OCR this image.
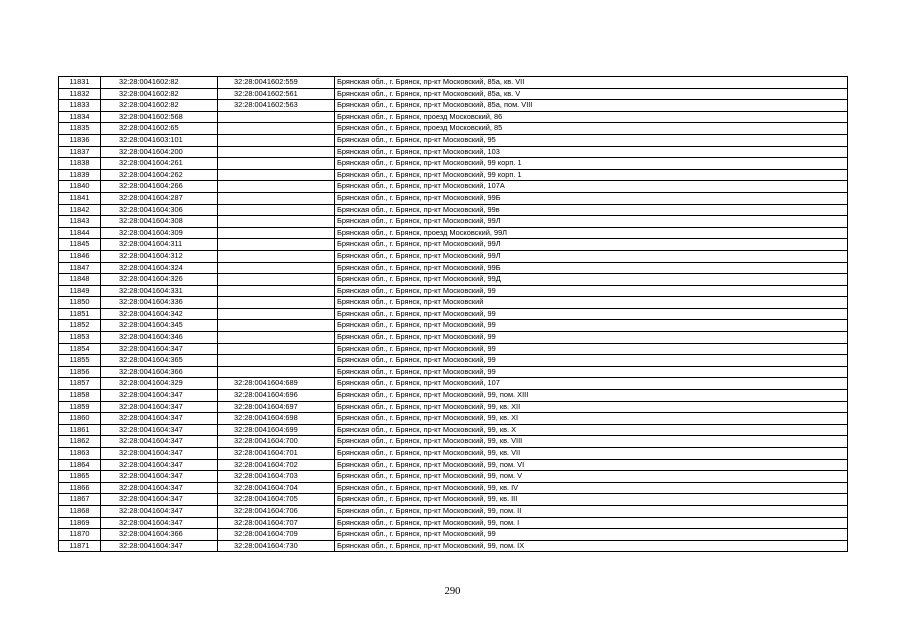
11831	32:28:0041602:82	32:28:0041602:559	Брянская обл., г. Брянск, пр-кт Московский, 85а, кв. VII
11832	32:28:0041602:82	32:28:0041602:561	Брянская обл., г. Брянск, пр-кт Московский, 85а, кв. V
11833	32:28:0041602:82	32:28:0041602:563	Брянская обл., г. Брянск, пр-кт Московский, 85а, пом. VIII
11834	32:28:0041602:568		Брянская обл., г. Брянск, проезд Московский, 86
11835	32:28:0041602:65		Брянская обл., г. Брянск, проезд Московский, 85
11836	32:28:0041603:101		Брянская обл., г. Брянск, пр-кт Московский, 95
11837	32:28:0041604:200		Брянская обл., г. Брянск, пр-кт Московский, 103
11838	32:28:0041604:261		Брянская обл., г. Брянск, пр-кт Московский, 99 корп. 1
11839	32:28:0041604:262		Брянская обл., г. Брянск, пр-кт Московский, 99 корп. 1
11840	32:28:0041604:266		Брянская обл., г. Брянск, пр-кт Московский, 107А
11841	32:28:0041604:287		Брянская обл., г. Брянск, пр-кт Московский, 99Б
11842	32:28:0041604:306		Брянская обл., г. Брянск, пр-кт Московский, 99в
11843	32:28:0041604:308		Брянская обл., г. Брянск, пр-кт Московский, 99Л
11844	32:28:0041604:309		Брянская обл., г. Брянск, проезд Московский, 99Л
11845	32:28:0041604:311		Брянская обл., г. Брянск, пр-кт Московский, 99Л
11846	32:28:0041604:312		Брянская обл., г. Брянск, пр-кт Московский, 99Л
11847	32:28:0041604:324		Брянская обл., г. Брянск, пр-кт Московский, 99Б
11848	32:28:0041604:326		Брянская обл., г. Брянск, пр-кт Московский, 99Д
11849	32:28:0041604:331		Брянская обл., г. Брянск, пр-кт Московский, 99
11850	32:28:0041604:336		Брянская обл., г. Брянск, пр-кт Московский
11851	32:28:0041604:342		Брянская обл., г. Брянск, пр-кт Московский, 99
11852	32:28:0041604:345		Брянская обл., г. Брянск, пр-кт Московский, 99
11853	32:28:0041604:346		Брянская обл., г. Брянск, пр-кт Московский, 99
11854	32:28:0041604:347		Брянская обл., г. Брянск, пр-кт Московский, 99
11855	32:28:0041604:365		Брянская обл., г. Брянск, пр-кт Московский, 99
11856	32:28:0041604:366		Брянская обл., г. Брянск, пр-кт Московский, 99
11857	32:28:0041604:329	32:28:0041604:689	Брянская обл., г. Брянск, пр-кт Московский, 107
11858	32:28:0041604:347	32:28:0041604:696	Брянская обл., г. Брянск, пр-кт Московский, 99, пом. XIII
11859	32:28:0041604:347	32:28:0041604:697	Брянская обл., г. Брянск, пр-кт Московский, 99, кв. XII
11860	32:28:0041604:347	32:28:0041604:698	Брянская обл., г. Брянск, пр-кт Московский, 99, кв. XI
11861	32:28:0041604:347	32:28:0041604:699	Брянская обл., г. Брянск, пр-кт Московский, 99, кв. X
11862	32:28:0041604:347	32:28:0041604:700	Брянская обл., г. Брянск, пр-кт Московский, 99, кв. VIII
11863	32:28:0041604:347	32:28:0041604:701	Брянская обл., г. Брянск, пр-кт Московский, 99, кв. VII
11864	32:28:0041604:347	32:28:0041604:702	Брянская обл., г. Брянск, пр-кт Московский, 99, пом. VI
11865	32:28:0041604:347	32:28:0041604:703	Брянская обл., г. Брянск, пр-кт Московский, 99, пом. V
11866	32:28:0041604:347	32:28:0041604:704	Брянская обл., г. Брянск, пр-кт Московский, 99, кв. IV
11867	32:28:0041604:347	32:28:0041604:705	Брянская обл., г. Брянск, пр-кт Московский, 99, кв. III
11868	32:28:0041604:347	32:28:0041604:706	Брянская обл., г. Брянск, пр-кт Московский, 99, пом. II
11869	32:28:0041604:347	32:28:0041604:707	Брянская обл., г. Брянск, пр-кт Московский, 99, пом. I
11870	32:28:0041604:366	32:28:0041604:709	Брянская обл., г. Брянск, пр-кт Московский, 99
11871	32:28:0041604:347	32:28:0041604:730	Брянская обл., г. Брянск, пр-кт Московский, 99, пом. IX
290
